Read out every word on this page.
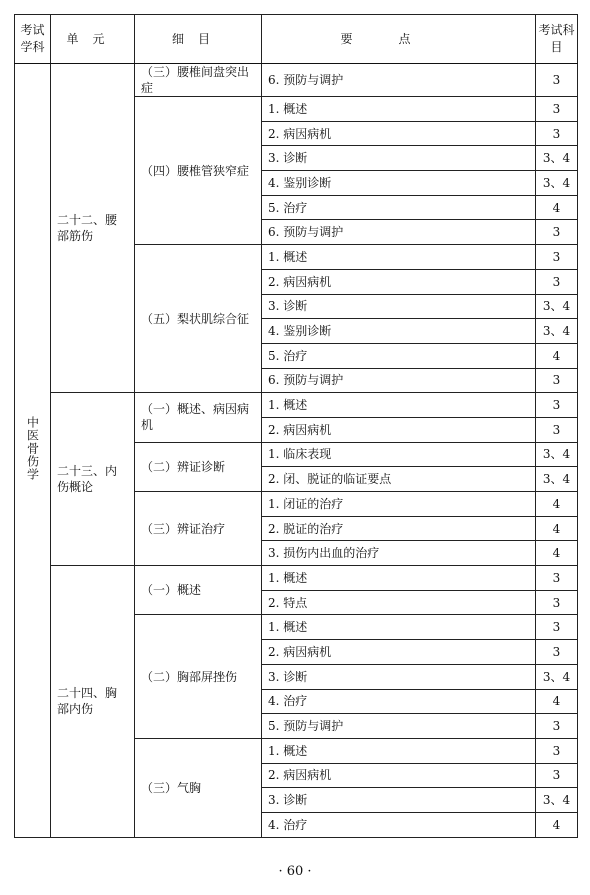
考试学科	单元	细目	要点	考试科目
中医骨伤学	二十二、腰部筋伤	（三）腰椎间盘突出症	6. 预防与调护	3
		（四）腰椎管狭窄症	1. 概述	3
			2. 病因病机	3
			3. 诊断	3、4
			4. 鉴别诊断	3、4
			5. 治疗	4
			6. 预防与调护	3
		（五）梨状肌综合征	1. 概述	3
			2. 病因病机	3
			3. 诊断	3、4
			4. 鉴别诊断	3、4
			5. 治疗	4
			6. 预防与调护	3
	二十三、内伤概论	（一）概述、病因病机	1. 概述	3
			2. 病因病机	3
		（二）辨证诊断	1. 临床表现	3、4
			2. 闭、脱证的临证要点	3、4
		（三）辨证治疗	1. 闭证的治疗	4
			2. 脱证的治疗	4
			3. 损伤内出血的治疗	4
	二十四、胸部内伤	（一）概述	1. 概述	3
			2. 特点	3
		（二）胸部屏挫伤	1. 概述	3
			2. 病因病机	3
			3. 诊断	3、4
			4. 治疗	4
			5. 预防与调护	3
		（三）气胸	1. 概述	3
			2. 病因病机	3
			3. 诊断	3、4
			4. 治疗	4
· 60 ·
